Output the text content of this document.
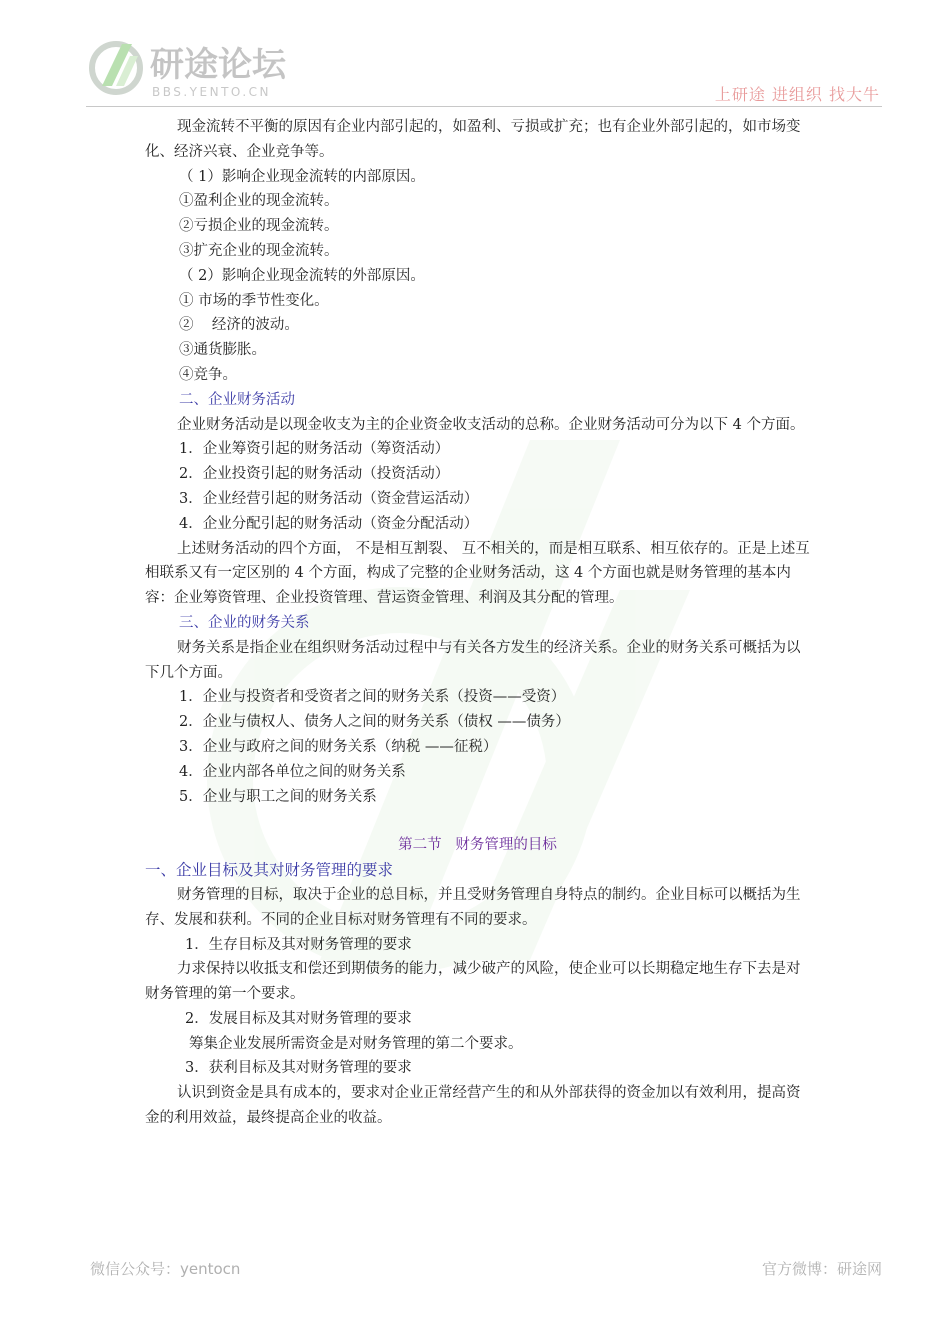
研途论坛
BBS.YENTO.CN	上研途 进组织 找大牛
现金流转不平衡的原因有企业内部引起的，如盈利、亏损或扩充；也有企业外部引起的，如市场变化、经济兴衰、企业竞争等。
（ 1）影响企业现金流转的内部原因。
①盈利企业的现金流转。
②亏损企业的现金流转。
③扩充企业的现金流转。
（ 2）影响企业现金流转的外部原因。
① 市场的季节性变化。
②    经济的波动。
③通货膨胀。
④竞争。
二、企业财务活动
企业财务活动是以现金收支为主的企业资金收支活动的总称。企业财务活动可分为以下 4 个方面。
1．企业筹资引起的财务活动（筹资活动）
2．企业投资引起的财务活动（投资活动）
3．企业经营引起的财务活动（资金营运活动）
4．企业分配引起的财务活动（资金分配活动）
上述财务活动的四个方面， 不是相互割裂、 互不相关的，而是相互联系、相互依存的。正是上述互相联系又有一定区别的 4 个方面，构成了完整的企业财务活动，这 4 个方面也就是财务管理的基本内容：企业筹资管理、企业投资管理、营运资金管理、利润及其分配的管理。
三、企业的财务关系
财务关系是指企业在组织财务活动过程中与有关各方发生的经济关系。企业的财务关系可概括为以下几个方面。
1．企业与投资者和受资者之间的财务关系（投资——受资）
2．企业与债权人、债务人之间的财务关系（债权 ——债务）
3．企业与政府之间的财务关系（纳税 ——征税）
4．企业内部各单位之间的财务关系
5．企业与职工之间的财务关系
第二节   财务管理的目标
一、企业目标及其对财务管理的要求
财务管理的目标，取决于企业的总目标，并且受财务管理自身特点的制约。企业目标可以概括为生存、发展和获利。不同的企业目标对财务管理有不同的要求。
1．生存目标及其对财务管理的要求
力求保持以收抵支和偿还到期债务的能力，减少破产的风险，使企业可以长期稳定地生存下去是对财务管理的第一个要求。
2．发展目标及其对财务管理的要求
筹集企业发展所需资金是对财务管理的第二个要求。
3．获利目标及其对财务管理的要求
认识到资金是具有成本的，要求对企业正常经营产生的和从外部获得的资金加以有效利用，提高资金的利用效益，最终提高企业的收益。
微信公众号：yentocn	官方微博：研途网
